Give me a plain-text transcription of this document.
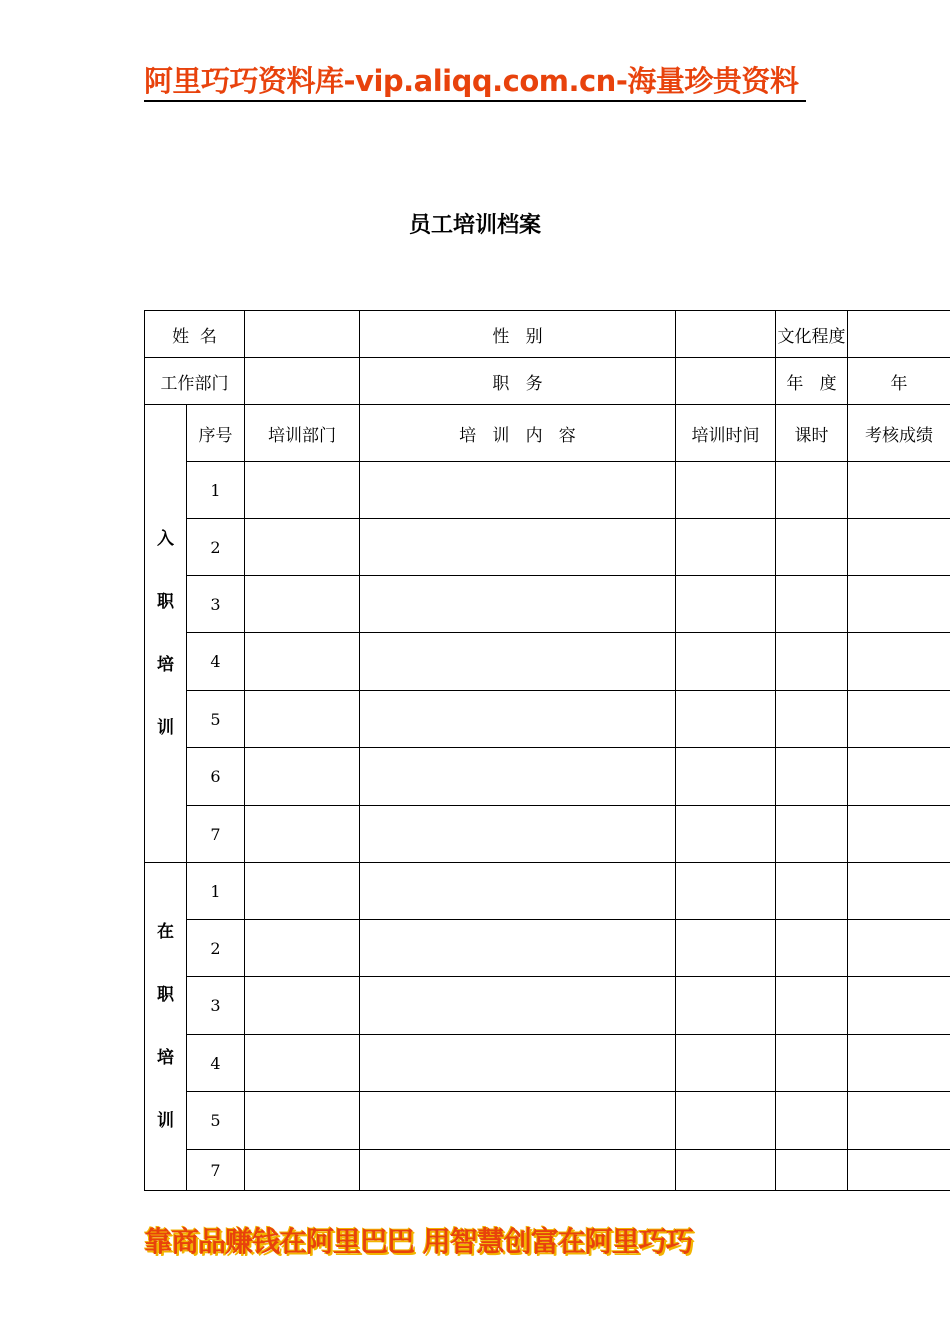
阿里巧巧资料库-vip.aliqq.com.cn-海量珍贵资料
员工培训档案
姓  名			性   别		文化程度	
工作部门			职   务		年   度	年

入
职
培
训	序号	培训部门	培   训   内   容	培训时间	课时	考核成绩
	1					
	2					
	3					
	4					
	5					
	6					
	7					

在
职
培
训	1					
	2					
	3					
	4					
	5					
	7					
靠商品赚钱在阿里巴巴 用智慧创富在阿里巧巧
